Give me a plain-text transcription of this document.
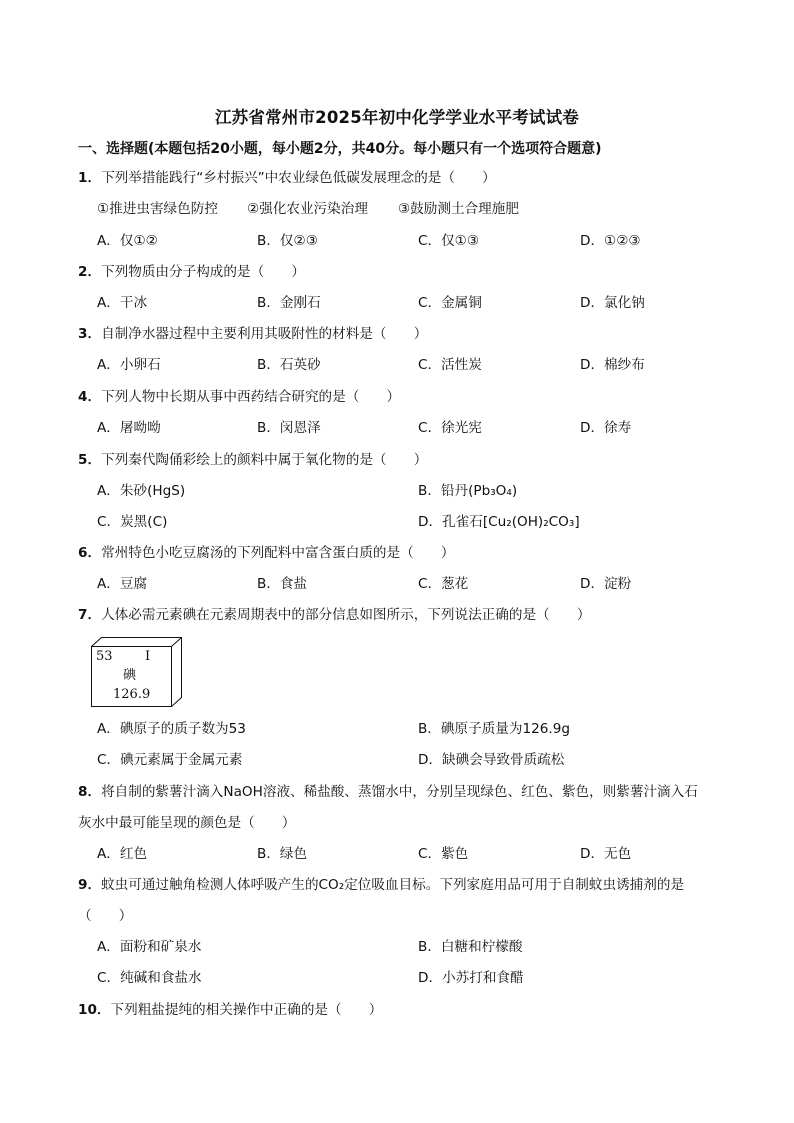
江苏省常州市2025年初中化学学业水平考试试卷
一、选择题(本题包括20小题，每小题2分，共40分。每小题只有一个选项符合题意)
1．下列举措能践行“乡村振兴”中农业绿色低碳发展理念的是（　　）
①推进虫害绿色防控 ②强化农业污染治理 ③鼓励测土合理施肥
A．仅①②	B．仅②③	C．仅①③	D．①②③
2．下列物质由分子构成的是（　　）
A．干冰	B．金刚石	C．金属铜	D．氯化钠
3．自制净水器过程中主要利用其吸附性的材料是（　　）
A．小卵石	B．石英砂	C．活性炭	D．棉纱布
4．下列人物中长期从事中西药结合研究的是（　　）
A．屠呦呦	B．闵恩泽	C．徐光宪	D．徐寿
5．下列秦代陶俑彩绘上的颜料中属于氧化物的是（　　）
A．朱砂(HgS)	B．铅丹(Pb₃O₄)
C．炭黑(C)	D．孔雀石[Cu₂(OH)₂CO₃]
6．常州特色小吃豆腐汤的下列配料中富含蛋白质的是（　　）
A．豆腐	B．食盐	C．葱花	D．淀粉
7．人体必需元素碘在元素周期表中的部分信息如图所示，下列说法正确的是（　　）
53 I
碘
126.9
A．碘原子的质子数为53	B．碘原子质量为126.9g
C．碘元素属于金属元素	D．缺碘会导致骨质疏松
8．将自制的紫薯汁滴入NaOH溶液、稀盐酸、蒸馏水中，分别呈现绿色、红色、紫色，则紫薯汁滴入石
灰水中最可能呈现的颜色是（　　）
A．红色	B．绿色	C．紫色	D．无色
9．蚊虫可通过触角检测人体呼吸产生的CO₂定位吸血目标。下列家庭用品可用于自制蚊虫诱捕剂的是
（　　）
A．面粉和矿泉水	B．白糖和柠檬酸
C．纯碱和食盐水	D．小苏打和食醋
10．下列粗盐提纯的相关操作中正确的是（　　）
